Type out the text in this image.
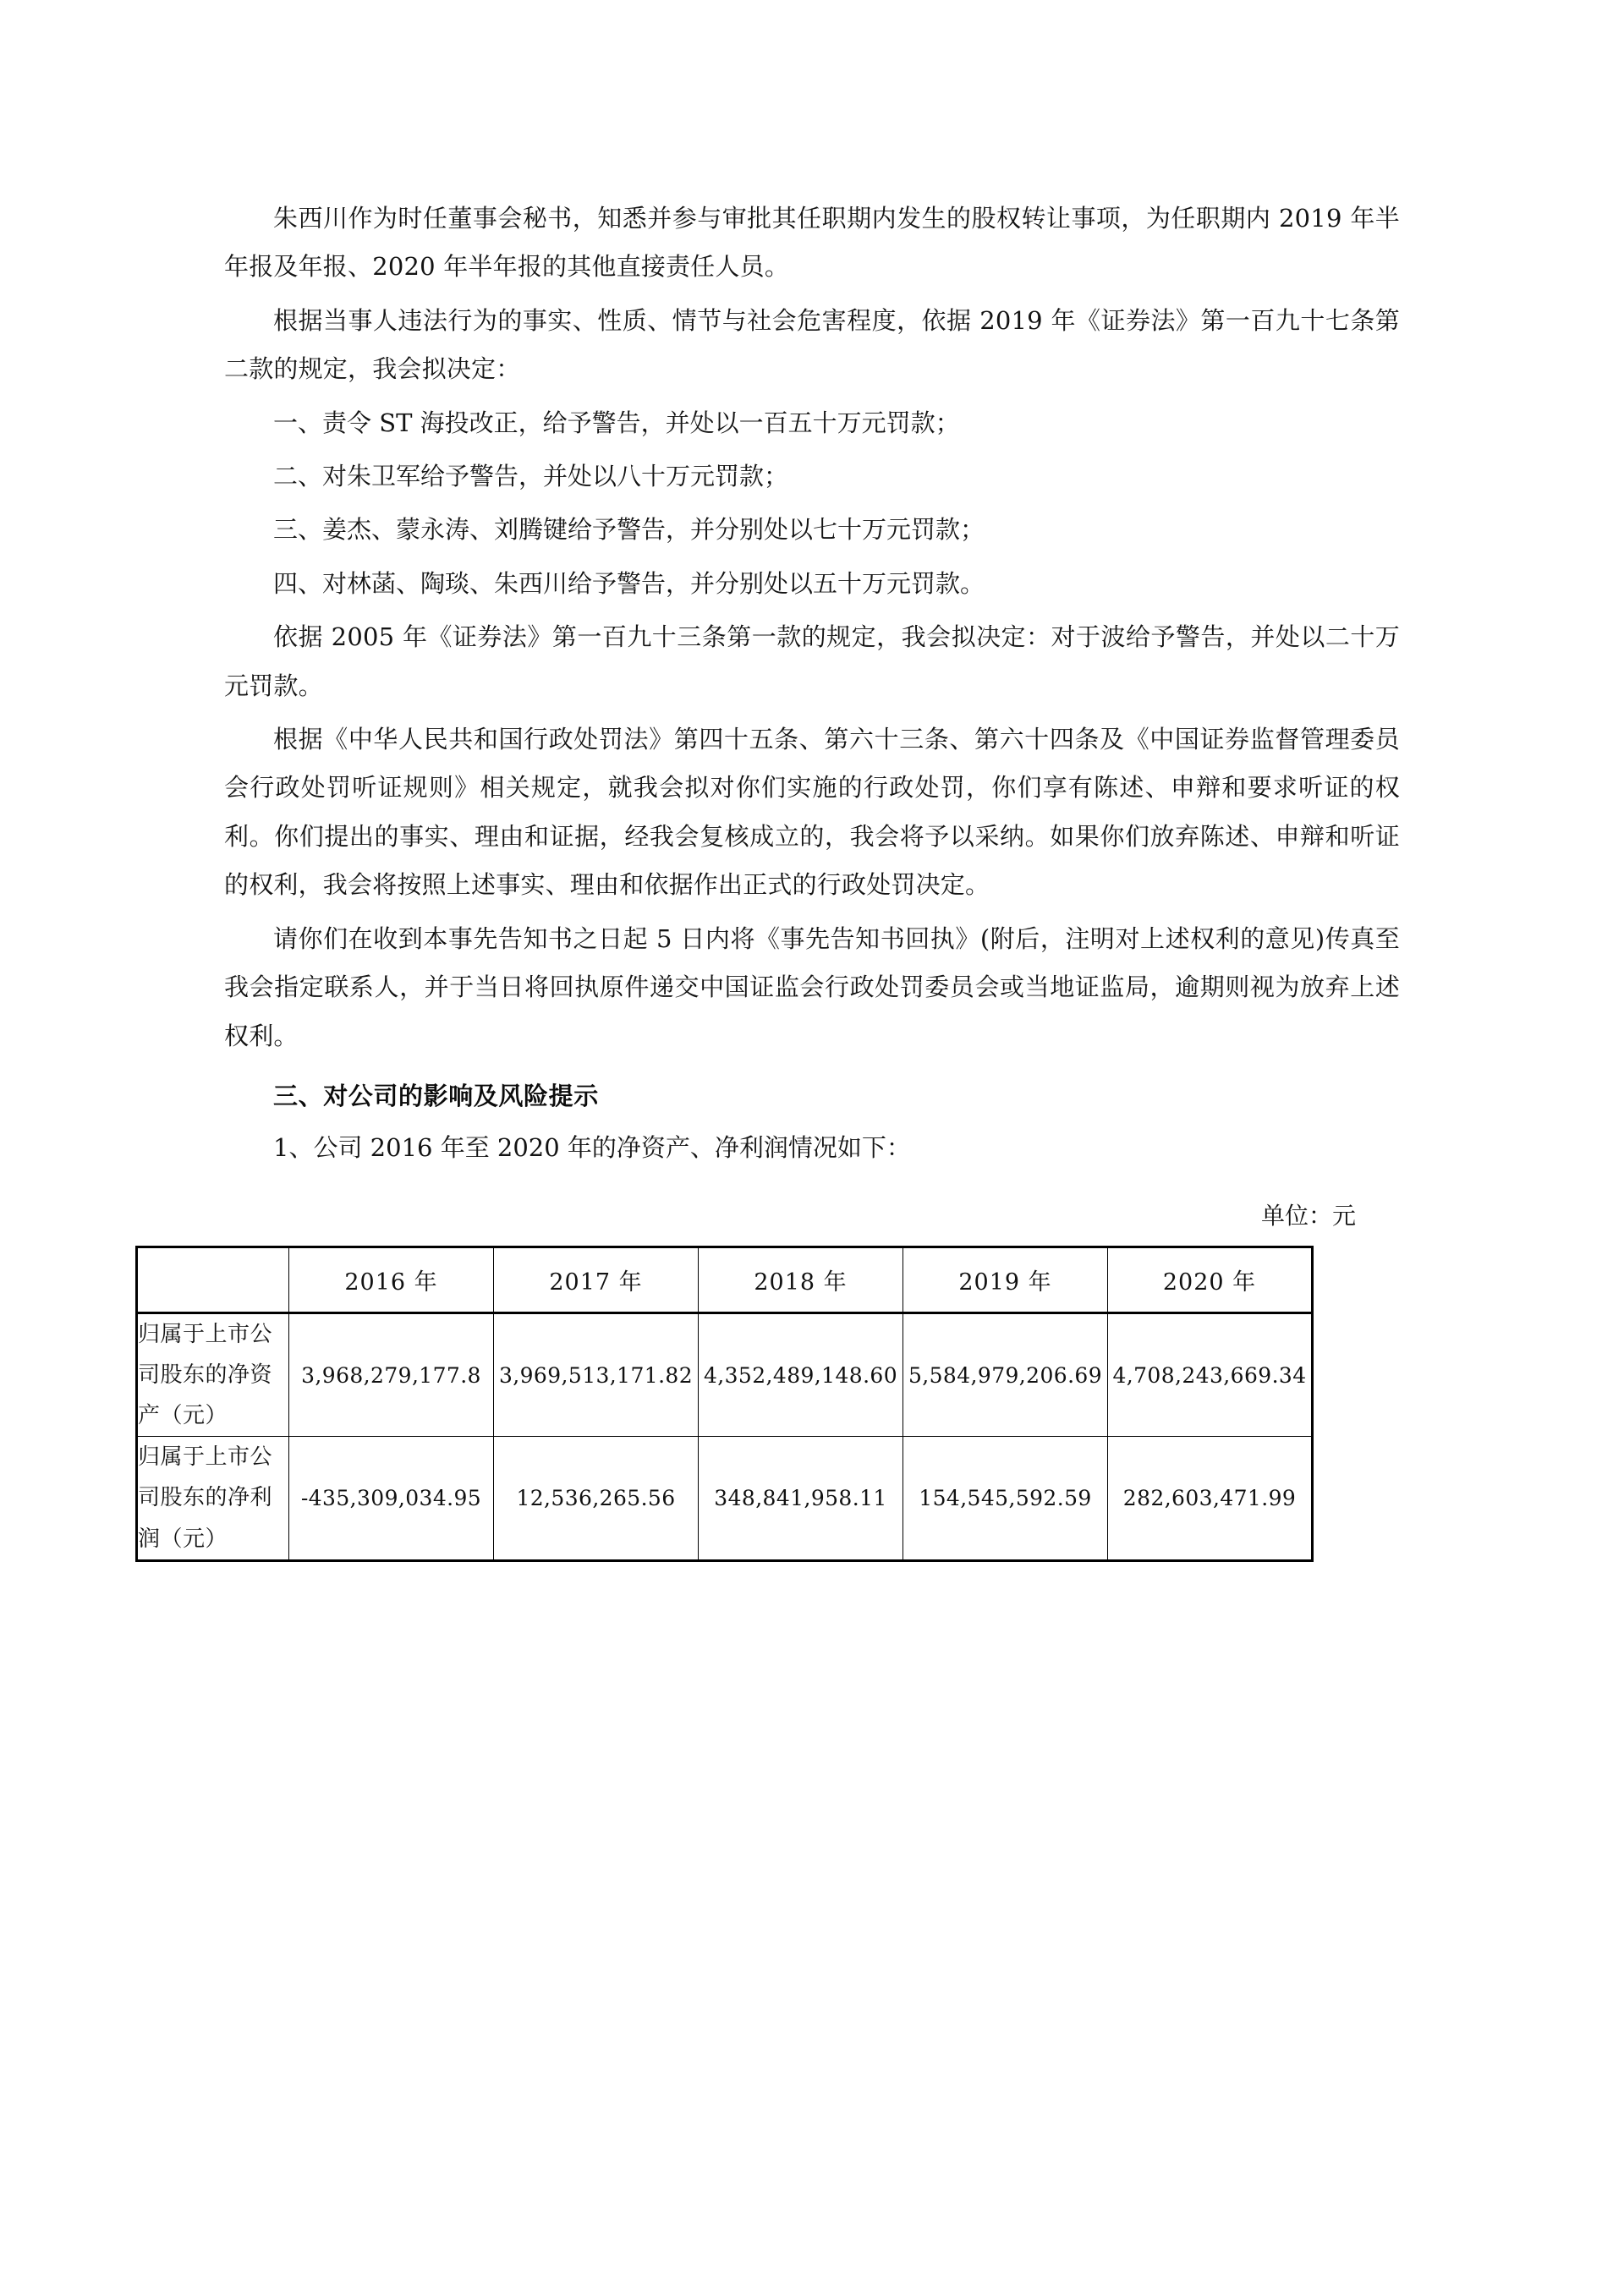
朱西川作为时任董事会秘书，知悉并参与审批其任职期内发生的股权转让事项，为任职期内 2019 年半年报及年报、2020 年半年报的其他直接责任人员。

根据当事人违法行为的事实、性质、情节与社会危害程度，依据 2019 年《证券法》第一百九十七条第二款的规定，我会拟决定：

一、责令 ST 海投改正，给予警告，并处以一百五十万元罚款；

二、对朱卫军给予警告，并处以八十万元罚款；

三、姜杰、蒙永涛、刘腾键给予警告，并分别处以七十万元罚款；

四、对林菡、陶琰、朱西川给予警告，并分别处以五十万元罚款。

依据 2005 年《证券法》第一百九十三条第一款的规定，我会拟决定：对于波给予警告，并处以二十万元罚款。

根据《中华人民共和国行政处罚法》第四十五条、第六十三条、第六十四条及《中国证券监督管理委员会行政处罚听证规则》相关规定，就我会拟对你们实施的行政处罚，你们享有陈述、申辩和要求听证的权利。你们提出的事实、理由和证据，经我会复核成立的，我会将予以采纳。如果你们放弃陈述、申辩和听证的权利，我会将按照上述事实、理由和依据作出正式的行政处罚决定。

请你们在收到本事先告知书之日起 5 日内将《事先告知书回执》(附后，注明对上述权利的意见)传真至我会指定联系人，并于当日将回执原件递交中国证监会行政处罚委员会或当地证监局，逾期则视为放弃上述权利。

三、对公司的影响及风险提示

1、公司 2016 年至 2020 年的净资产、净利润情况如下：

单位：元

	2016 年	2017 年	2018 年	2019 年	2020 年
归属于上市公司股东的净资产（元）	3,968,279,177.8	3,969,513,171.82	4,352,489,148.60	5,584,979,206.69	4,708,243,669.34
归属于上市公司股东的净利润（元）	-435,309,034.95	12,536,265.56	348,841,958.11	154,545,592.59	282,603,471.99
